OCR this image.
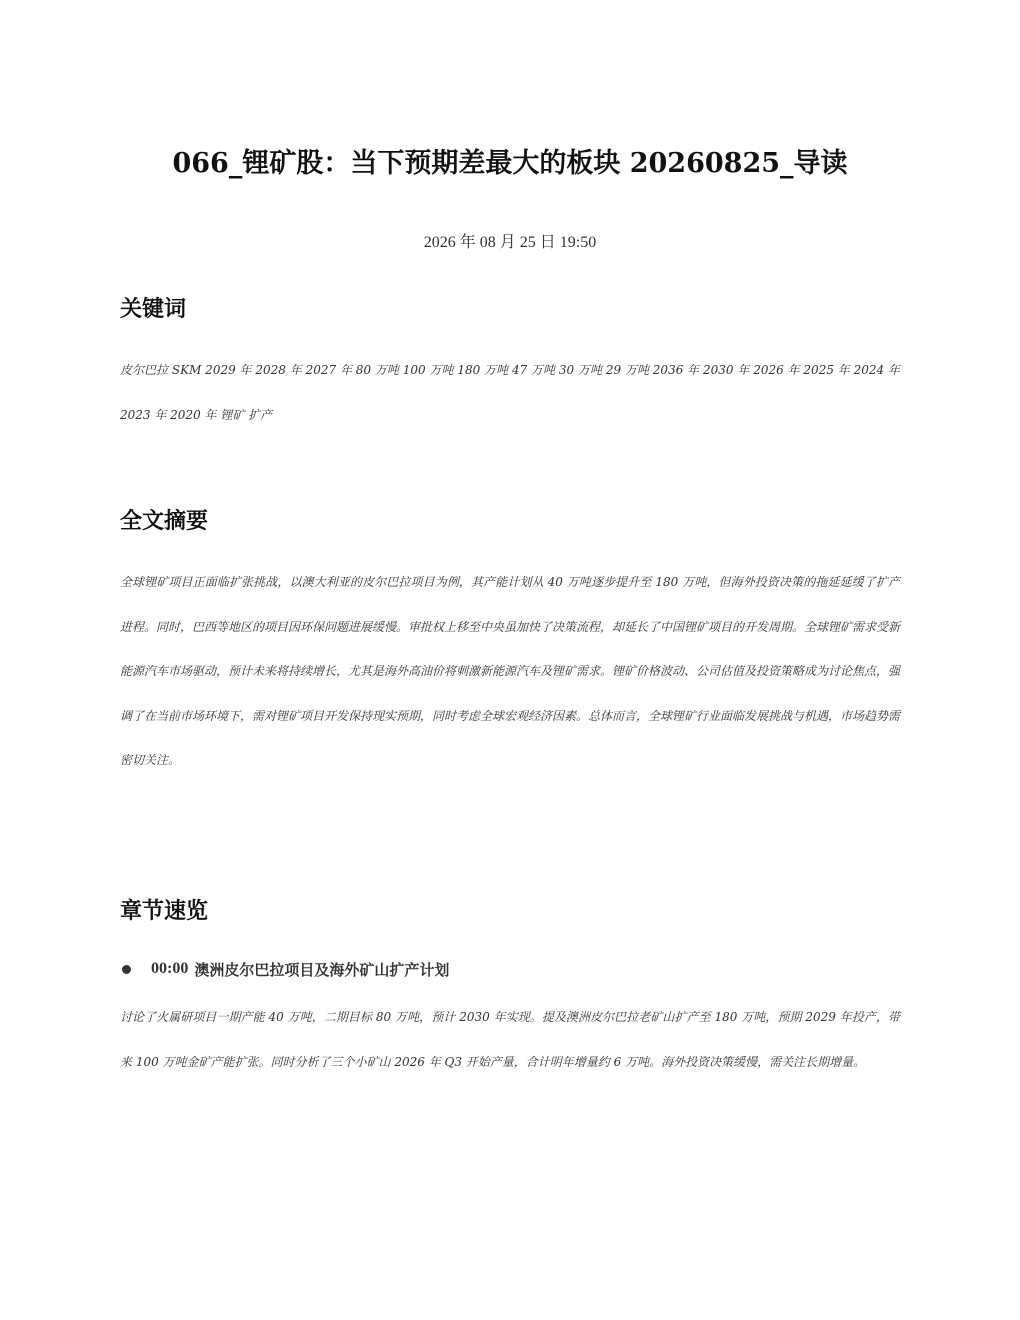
066_锂矿股：当下预期差最大的板块 20260825_导读
2026 年 08 月 25 日 19:50
关键词

皮尔巴拉 SKM 2029 年 2028 年 2027 年 80 万吨 100 万吨 180 万吨 47 万吨 30 万吨 29 万吨 2036 年 2030 年 2026 年 2025 年 2024 年 2023 年 2020 年 锂矿 扩产

全文摘要

全球锂矿项目正面临扩张挑战，以澳大利亚的皮尔巴拉项目为例，其产能计划从 40 万吨逐步提升至 180 万吨，但海外投资决策的拖延延缓了扩产进程。同时，巴西等地区的项目因环保问题进展缓慢。审批权上移至中央虽加快了决策流程，却延长了中国锂矿项目的开发周期。全球锂矿需求受新能源汽车市场驱动，预计未来将持续增长，尤其是海外高油价将刺激新能源汽车及锂矿需求。锂矿价格波动、公司估值及投资策略成为讨论焦点，强调了在当前市场环境下，需对锂矿项目开发保持现实预期，同时考虑全球宏观经济因素。总体而言，全球锂矿行业面临发展挑战与机遇，市场趋势需密切关注。

章节速览
00:00 澳洲皮尔巴拉项目及海外矿山扩产计划

讨论了火属研项目一期产能 40 万吨，二期目标 80 万吨，预计 2030 年实现。提及澳洲皮尔巴拉老矿山扩产至 180 万吨，预期 2029 年投产，带来 100 万吨金矿产能扩张。同时分析了三个小矿山 2026 年 Q3 开始产量，合计明年增量约 6 万吨。海外投资决策缓慢，需关注长期增量。
